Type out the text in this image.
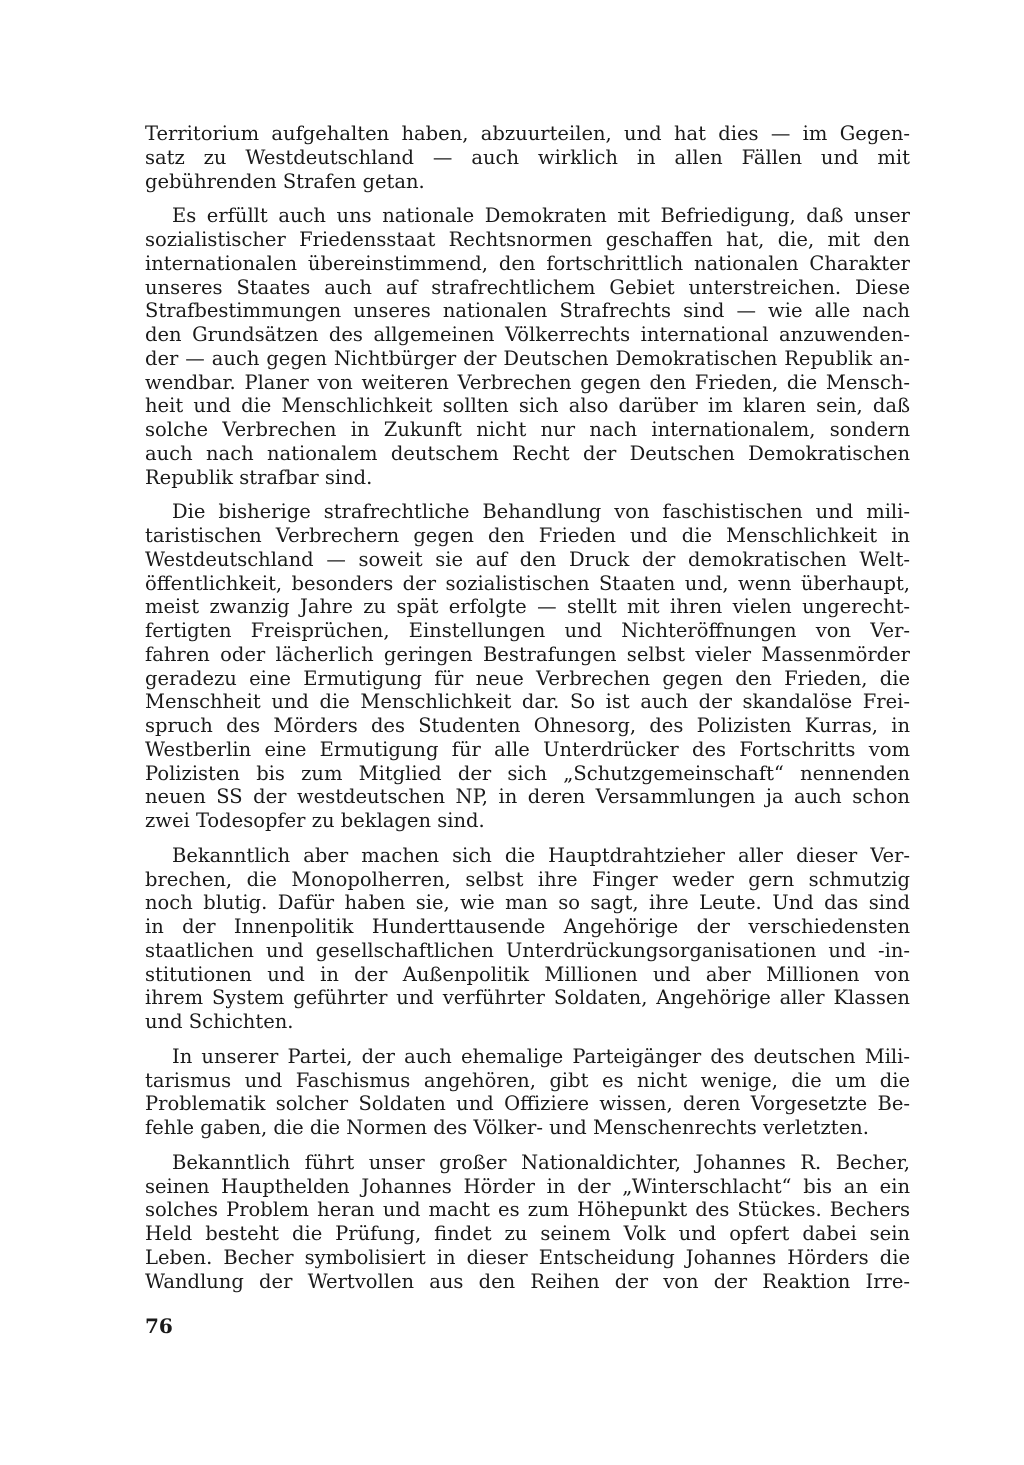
Territorium aufgehalten haben, abzuurteilen, und hat dies — im Gegen-
satz zu Westdeutschland — auch wirklich in allen Fällen und mit
gebührenden Strafen getan.
Es erfüllt auch uns nationale Demokraten mit Befriedigung, daß unser
sozialistischer Friedensstaat Rechtsnormen geschaffen hat, die, mit den
internationalen übereinstimmend, den fortschrittlich nationalen Charakter
unseres Staates auch auf strafrechtlichem Gebiet unterstreichen. Diese
Strafbestimmungen unseres nationalen Strafrechts sind — wie alle nach
den Grundsätzen des allgemeinen Völkerrechts international anzuwenden-
der — auch gegen Nichtbürger der Deutschen Demokratischen Republik an-
wendbar. Planer von weiteren Verbrechen gegen den Frieden, die Mensch-
heit und die Menschlichkeit sollten sich also darüber im klaren sein, daß
solche Verbrechen in Zukunft nicht nur nach internationalem, sondern
auch nach nationalem deutschem Recht der Deutschen Demokratischen
Republik strafbar sind.
Die bisherige strafrechtliche Behandlung von faschistischen und mili-
taristischen Verbrechern gegen den Frieden und die Menschlichkeit in
Westdeutschland — soweit sie auf den Druck der demokratischen Welt-
öffentlichkeit, besonders der sozialistischen Staaten und, wenn überhaupt,
meist zwanzig Jahre zu spät erfolgte — stellt mit ihren vielen ungerecht-
fertigten Freisprüchen, Einstellungen und Nichteröffnungen von Ver-
fahren oder lächerlich geringen Bestrafungen selbst vieler Massenmörder
geradezu eine Ermutigung für neue Verbrechen gegen den Frieden, die
Menschheit und die Menschlichkeit dar. So ist auch der skandalöse Frei-
spruch des Mörders des Studenten Ohnesorg, des Polizisten Kurras, in
Westberlin eine Ermutigung für alle Unterdrücker des Fortschritts vom
Polizisten bis zum Mitglied der sich „Schutzgemeinschaft“ nennenden
neuen SS der westdeutschen NP, in deren Versammlungen ja auch schon
zwei Todesopfer zu beklagen sind.
Bekanntlich aber machen sich die Hauptdrahtzieher aller dieser Ver-
brechen, die Monopolherren, selbst ihre Finger weder gern schmutzig
noch blutig. Dafür haben sie, wie man so sagt, ihre Leute. Und das sind
in der Innenpolitik Hunderttausende Angehörige der verschiedensten
staatlichen und gesellschaftlichen Unterdrückungsorganisationen und -in-
stitutionen und in der Außenpolitik Millionen und aber Millionen von
ihrem System geführter und verführter Soldaten, Angehörige aller Klassen
und Schichten.
In unserer Partei, der auch ehemalige Parteigänger des deutschen Mili-
tarismus und Faschismus angehören, gibt es nicht wenige, die um die
Problematik solcher Soldaten und Offiziere wissen, deren Vorgesetzte Be-
fehle gaben, die die Normen des Völker- und Menschenrechts verletzten.
Bekanntlich führt unser großer Nationaldichter, Johannes R. Becher,
seinen Haupthelden Johannes Hörder in der „Winterschlacht“ bis an ein
solches Problem heran und macht es zum Höhepunkt des Stückes. Bechers
Held besteht die Prüfung, findet zu seinem Volk und opfert dabei sein
Leben. Becher symbolisiert in dieser Entscheidung Johannes Hörders die
Wandlung der Wertvollen aus den Reihen der von der Reaktion Irre-
76
